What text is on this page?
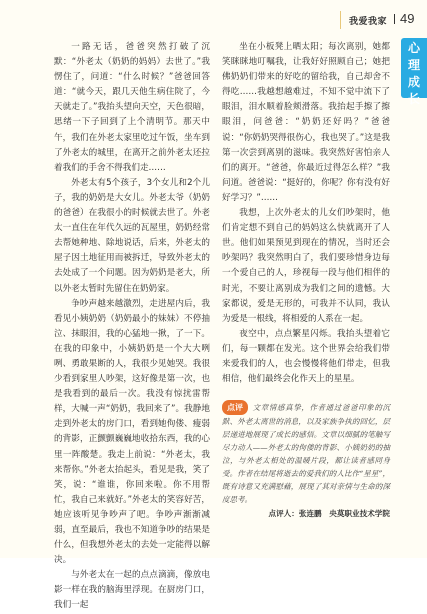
我爱我家 49
心
理
成
长

一路无话，爸爸突然打破了沉默：“外老太（奶奶的妈妈）去世了。”我愣住了，问道：“什么时候？”爸爸回答道：“就今天，跟几天他生病住院了，今天就走了。”我抬头望向天空，天色很暗，思绪一下子回到了上个清明节。那天中午，我们在外老太家里吃过午饭，坐车到了外老太的城里，在离开之前外老太还拉着我们的手舍不得我们走……

外老太有5个孩子，3个女儿和2个儿子，我的奶奶是大女儿。外老太爷（奶奶的爸爸）在我很小的时候就去世了。外老太一直住在年代久远的瓦屋里，奶奶经常去帮她种地、除地说话，后来，外老太的屋子因土地征用而被拆迁，导致外老太的去处成了一个问题。因为奶奶是老大，所以外老太暂时先留住在奶奶家。

争吵声越来越激烈，走进屋内后，我看见小姨奶奶（奶奶最小的妹妹）不停抽泣、抹眼泪，我的心猛地一揪，了一下。在我的印象中，小姨奶奶是一个大大咧咧、勇敢果断的人，我很少见她哭。我很少看到家里人吵架，这好像是第一次，也是我看到的最后一次。我没有惊扰雷帮样，大喊一声“奶奶，我回来了”。我静地走到外老太的房门口，看到她佝偻、瘦弱的背影，正颤颤巍巍地收拾东西，我的心里一阵酸楚。我走上前说：“外老太，我来帮你。”外老太抬起头，看见是我，笑了笑，说：“谁谁，你回来啦。你不用帮忙，我自己来就好。”外老太的笑容好苦，她应该听见争吵声了吧。争吵声渐渐减弱，直至最后，我也不知道争吵的结果是什么，但我想外老太的去处一定能得以解决。

与外老太在一起的点点滴滴，像放电影一样在我的脑海里浮现。在厨房门口，我们一起

坐在小板凳上晒太阳；每次离别，她都笑眯眯地叮嘱我，让我好好照顾自己；她把佛奶奶们带来的好吃的留给我，自己却舍不得吃……我越想越难过，不知不觉中流下了眼泪，泪水顺着脸颊滑落。我抬起手擦了擦眼泪，问爸爸：“奶奶还好吗？”爸爸说：“你奶奶哭得很伤心，我也哭了。”这是我第一次尝到离别的滋味。我突然好害怕亲人们的离开。“爸爸，你最近过得怎么样？”我问道。爸爸说：“挺好的，你呢？你有没有好好学习？”……

我想，上次外老太的儿女们吵架时，他们肯定想不到自己的妈妈这么快就离开了人世。他们如果预见到现在的情况，当时还会吵架吗？我突然明白了，我们要珍惜身边每一个爱自己的人，珍视每一段与他们相伴的时光，不要让离别成为我们之间的遗憾。大家都说，爱是无形的，可我并不认同，我认为爱是一根线，将相爱的人系在一起。

夜空中，点点繁星闪烁。我抬头望着它们，每一颗都在发光。这个世界会给我们带来爱我们的人，也会慢慢将他们带走，但我相信，他们最终会化作天上的星星。

点评 文章情感真挚，作者通过爸爸印象的沉默、外老太离世的消息，以及家族争执的回忆，层层递进地展现了成长的感悟。文章以细腻的笔触写尽力动人——外老太的佝偻的背影、小姨奶奶的抽泣，与外老太相处的温暖片段，都让读者感同身受。作者在结尾将逝去的爱我们的人比作“星星”，既有诗意又充满慰藉，展现了其对亲情与生命的深度思考。
点评人：张连鹏　央莫职业技术学院
